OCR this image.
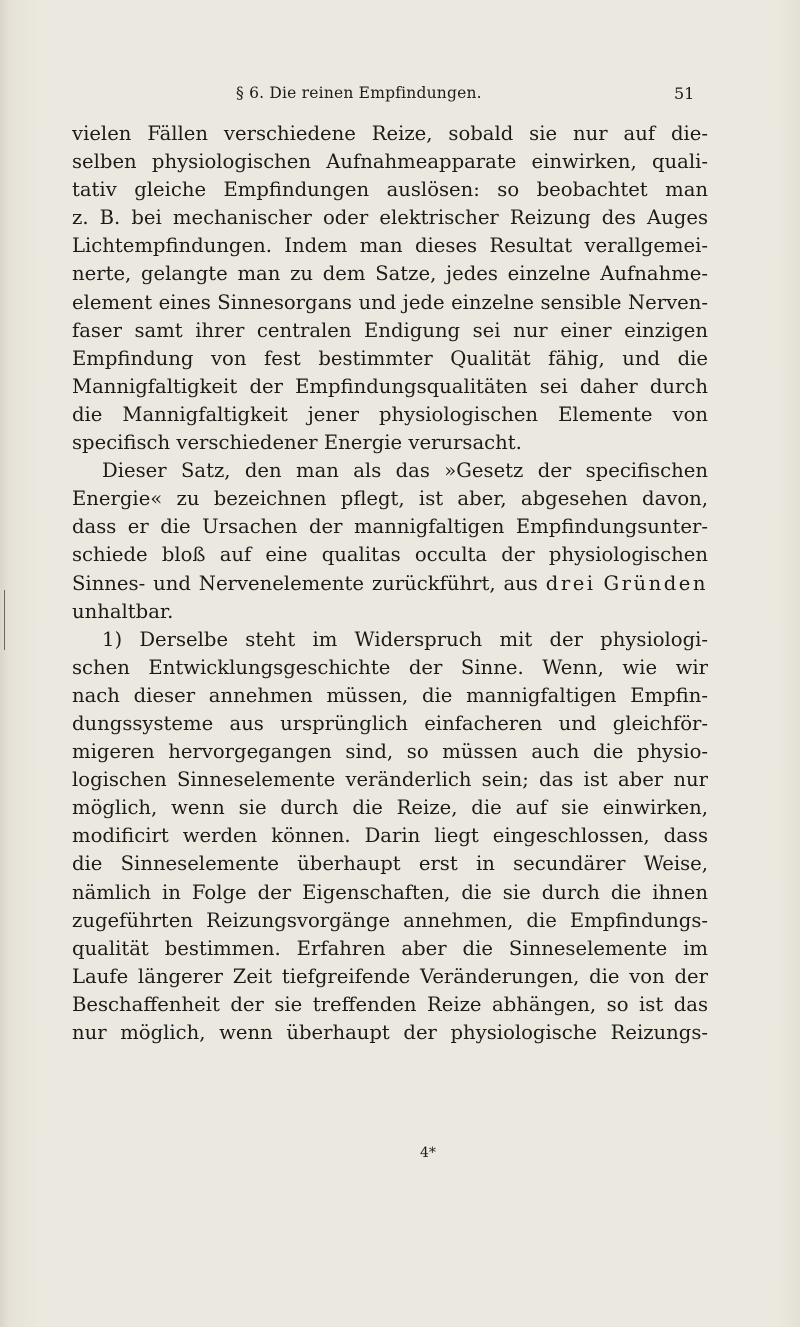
§ 6. Die reinen Empfindungen.	51
vielen Fällen verschiedene Reize, sobald sie nur auf die-
selben physiologischen Aufnahmeapparate einwirken, quali-
tativ gleiche Empfindungen auslösen: so beobachtet man
z. B. bei mechanischer oder elektrischer Reizung des Auges
Lichtempfindungen. Indem man dieses Resultat verallgemei-
nerte, gelangte man zu dem Satze, jedes einzelne Aufnahme-
element eines Sinnesorgans und jede einzelne sensible Nerven-
faser samt ihrer centralen Endigung sei nur einer einzigen
Empfindung von fest bestimmter Qualität fähig, und die
Mannigfaltigkeit der Empfindungsqualitäten sei daher durch
die Mannigfaltigkeit jener physiologischen Elemente von
specifisch verschiedener Energie verursacht.
Dieser Satz, den man als das »Gesetz der specifischen
Energie« zu bezeichnen pflegt, ist aber, abgesehen davon,
dass er die Ursachen der mannigfaltigen Empfindungsunter-
schiede bloß auf eine qualitas occulta der physiologischen
Sinnes- und Nervenelemente zurückführt, aus drei Gründen
unhaltbar.
1) Derselbe steht im Widerspruch mit der physiologi-
schen Entwicklungsgeschichte der Sinne. Wenn, wie wir
nach dieser annehmen müssen, die mannigfaltigen Empfin-
dungssysteme aus ursprünglich einfacheren und gleichför-
migeren hervorgegangen sind, so müssen auch die physio-
logischen Sinneselemente veränderlich sein; das ist aber nur
möglich, wenn sie durch die Reize, die auf sie einwirken,
modificirt werden können. Darin liegt eingeschlossen, dass
die Sinneselemente überhaupt erst in secundärer Weise,
nämlich in Folge der Eigenschaften, die sie durch die ihnen
zugeführten Reizungsvorgänge annehmen, die Empfindungs-
qualität bestimmen. Erfahren aber die Sinneselemente im
Laufe längerer Zeit tiefgreifende Veränderungen, die von der
Beschaffenheit der sie treffenden Reize abhängen, so ist das
nur möglich, wenn überhaupt der physiologische Reizungs-
4*
